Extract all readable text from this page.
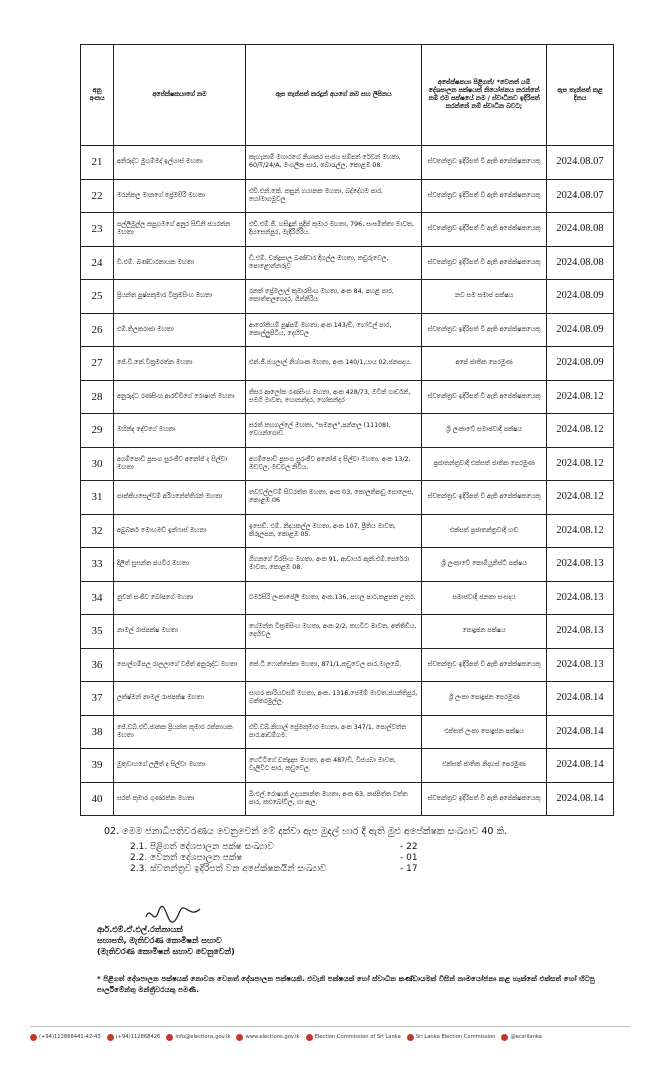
අනු අංකය	අපේක්ෂකයාගේ නම	ඇප තැන්පත් කරදුන් අයගේ නම සහ ලිපිනය	අපේක්ෂකයා පිළිගත්/ *වෙනත් යම් දේශපාලන පක්ෂයක් නියෝජනය කරන්නේ නම් එම පක්ෂයේ නම / ස්වාධීනව ඉදිරිපත් කරන්නේ නම් ස්වාධීන බවට;	ඇප තැන්පත් කළ දිනය
21	අනිරුද්ධ මුහම්මද් ඉල්යාස් මහතා	කැහැනාම් මහාරගේ නිශාකර සංජය සම්පත් රේවන් මහතා, 60/T/24/A, මංගලික පාර, බොරැල්ල, කොළඹ 08.	ස්වතන්ත්‍රව ඉදිරිපත් වී ඇති අපේක්ෂකයෙකු	2024.08.07
22	මරන්කල මානගේ ප්‍රේමසිරි මහතා	එච්.එන්.කේ. කසුන් ගයානක මහතා, බද්දේගම පාර, හෝමාගමුවල	ස්වතන්ත්‍රව ඉදිරිපත් වී ඇති අපේක්ෂකයෙකු	2024.08.07
23	පල්ලිමුල්ල කපුගමගේ අනුර සිඩ්නි ජයරත්න මහතා	එච්.එම්.ජී. හසිඳුන් ප්‍රදීප් කුමාර මහතා, 796, සංඝමිත්තා මාවත, දියසෙන්පුර, මැදිරිගිරිය.	ස්වතන්ත්‍රව ඉදිරිපත් වී ඇති අපේක්ෂකයෙකු	2024.08.08
24	ඩී.එම්. බණ්ඩාරනායක මහතා	ඩී.එම්. චන්ද්‍රපාල බණ්ඩාර දිගල්ල මහතා, කඩුරුවෙල, පොළොන්නරුව	ස්වතන්ත්‍රව ඉදිරිපත් වී ඇති අපේක්ෂකයෙකු	2024.08.08
25	ප්‍රියන්ත පුෂ්පකුමාර වික්‍රමසිංහ මහතා	රනත් ප්‍රේමලාල් කුමාරසිංහ මහතා, අංක 84, පහළ පාර, කොත්තලගෙදර, ගින්නිරිය	නව සම සමාජ පක්ෂය	2024.08.09
26	එම්.තිලකරාජා මහතා	ආරෝකියම් පුෂ්පම් මහතා, අංක 143/ඩී, හෝටල් පාර, කොල්ලුපිටිය, දෙහිවල	ස්වතන්ත්‍රව ඉදිරිපත් වී ඇති අපේක්ෂකයෙකු	2024.08.09
27	ජේ.ඩී.කේ.වික්‍රමරත්න මහතා	එන්.ජී.ජයලාල් නිශ්ශංක මහතා, අංක 140/1,යාය 02,ජනපදය.	අපේ ජාතික පෙරමුණ	2024.08.09
28	අනුරුද්ධ රණසිංහ ආරච්චිගේ රොෂාන් මහතා	තිසර ආලෝක රණසිංහ මහතා, අංක 428/73, ඔවින් ගාර්ඩන්, සමගි මාවත, හොකන්දර, ගෝකන්දර	ස්වතන්ත්‍රව ඉදිරිපත් වී ඇති අපේක්ෂකයෙකු	2024.08.12
29	මහින්ද දේවගේ මහතා	සරත් කහගල්ලේ මහතා, "සමනල",පන්නල (11108), වෙයන්ගොඩ	ශ්‍රී ලංකාවේ සමාජවාදී පක්ෂය	2024.08.12
30	අගම්පොඩි ප්‍රසංග සුරංජීව අනෝජ් ද සිල්වා මහතා	අගම්පොඩි ප්‍රසංග සුරංජීව අනෝජ් ද සිල්වා මහතා, අංක 13/2, මඩවල, මඩවල නිවීය.	ප්‍රජාතන්ත්‍රවාදී එක්සත් ජාතික පෙරමුණ	2024.08.12
31	පාක්කියසෙල්වම් අරියනේත්තිරන් මහතා	තවවල්ලවම් සිවරත්ත මහතා, අංක 03, කොලනිකඩු පොලෙස, කොළඹ 06	ස්වතන්ත්‍රව ඉදිරිපත් වී ඇති අපේක්ෂකයෙකු	2024.08.12
32	අබුබකර් මොහමඩ් ඉන්ෆාස් මහතා	ඉසෙඩ්. එම්. නිදයකල්ල මහතා, අංක 107, ප්‍රීතිය මාවත, කිරුලපන, කොළඹ 05.	එක්සත් ප්‍රජාතන්ත්‍රවාදී හඬ	2024.08.12
33	දිලිත් සුසන්ත ජයවීර මහතා	ගීගනගේ වීරසිංහ මහතා, අංක 91, ආචාර්ය ඇන්.එම්.පෙරේරා මාවත, කොළඹ 08.	ශ්‍රී ලංකාවේ කොමියුනිස්ට් පක්ෂය	2024.08.13
34	නුවන් සංජීව බෝපගේ මහතා	ටර්මසිරි ලංකාපේලි මහතා, අංක.136, පහල පාර,කළපත උතුර.	සමාජවාදී ජනතා සංසදය	2024.08.13
35	නාමල් රාජපක්ෂ මහතා	හේමන්ත වික්‍රමසිංහ මහතා, අංක 2/2, කහවිට මාවත, අත්තිඩිය, දෙහිවල	පොදුජන පක්ෂය	2024.08.13
36	පොල්ගම්පල රාලලාගේ වජිත් අනුරුද්ධ මහතා	කේ.ටී.ෆොන්සේකා මහතා, 871/1,කඩුවෙල පාර,මාලබේ.	ස්වතන්ත්‍රව ඉදිරිපත් වී ඇති අපේක්ෂකයෙකු	2024.08.13
37	ලක්ෂ්මන් නාමල් රාජපක්ෂ මහතා	සාගර කාරියවසම් මහතා, අංක. 1316,ජෙමම් මාවත,ජයන්තිපුර, බත්තරමුල්ල.	ශ්‍රී ලංකා පොදුජන පෙරමුණ	2024.08.14
38	ජේ.ඩබ්.එච්.ජානක ප්‍රියන්ත කුමාර රත්නායක මහතා	එච්.ඩබ්.නිහාල් ප්‍රේමකුමාර මහතා, අංක 347/1, පොල්වත්ත පාර,ආඩම්ගම.	එක්සත් ලංකා පොදුජන පක්ෂය	2024.08.14
39	මුතුවාහගේ ලලිත් ද සිල්වා මහතා	හෙට්ටිගේ චන්ද්‍රදාස මහතා, අංක 487/ඩී, විජයබා මාවත, වැලිවිට පාර, කඩුවෙල.	එක්සත් ජාතික නිදහස් පෙරමුණ	2024.08.14
40	සරත් කුමාර ගුණරත්න මහතා	බී.එල්.රොෂාන් උදයකාන්ත මහතා, අංක 63, කජපිත්ත වත්ත පාර, කළුබෝවිල, ගා ඇල.	ස්වතන්ත්‍රව ඉදිරිපත් වී ඇති අපේක්ෂකයෙකු	2024.08.14
02. මෙම ජනාධිපතිවරණය වෙනුවෙන් මේ දක්වා ඇප මුදල් භාර දී ඇති මුළු අපේක්ෂක සංඛ්‍යාව 40 කි.
2.1. පිළිගත් දේශපාලන පක්ෂ සංඛ්‍යාව	- 22
2.2. වෙනත් දේශපාලන පක්ෂ	- 01
2.3. ස්වතන්ත්‍රව ඉදිරිපත් වන අපේක්ෂකයින් සංඛ්‍යාව	- 17
ආර්.එම්.ඒ.එල්.රත්නායක්
සභාපති, මැතිවරණ කොමිෂන් සභාව
(මැතිවරණ කොමිෂන් සභාව වෙනුවෙන්)
* පිළිගත් දේශපාලන පක්ෂයක් නොවන වෙනත් දේශපාලන පක්ෂයකි. එවැනි පක්ෂයක් හෝ ස්වාධීන කණ්ඩායමක් විසින් නාමයෝජනා කළ හැක්කේ එක්සත් හෝ හිටපු පාර්ලිමේන්තු මන්ත්‍රීවරයකු පමණි.
(+94)112868441-42-43	(+94)112868426	info@elections.gov.lk	www.elections.gov.lk	Election Commission of Sri Lanka	Sri Lanka Election Commission	@ecsrilanka
